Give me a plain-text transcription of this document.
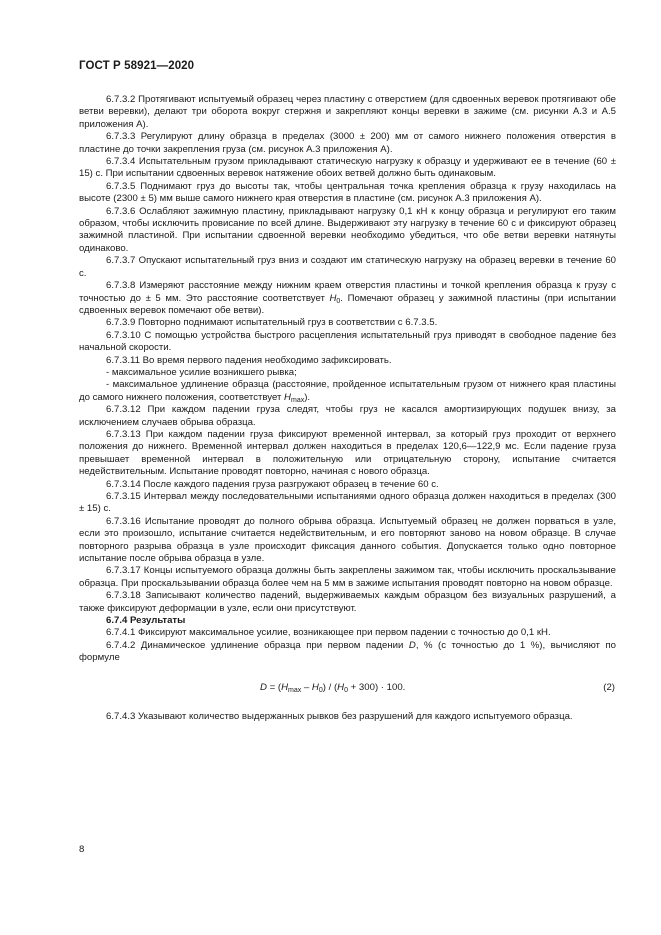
ГОСТ Р 58921—2020

6.7.3.2 Протягивают испытуемый образец через пластину с отверстием (для сдвоенных веревок протягивают обе ветви веревки), делают три оборота вокруг стержня и закрепляют концы веревки в зажиме (см. рисунки А.3 и А.5 приложения А).

6.7.3.3 Регулируют длину образца в пределах (3000 ± 200) мм от самого нижнего положения отверстия в пластине до точки закрепления груза (см. рисунок А.3 приложения А).

6.7.3.4 Испытательным грузом прикладывают статическую нагрузку к образцу и удерживают ее в течение (60 ± 15) с. При испытании сдвоенных веревок натяжение обоих ветвей должно быть одинаковым.

6.7.3.5 Поднимают груз до высоты так, чтобы центральная точка крепления образца к грузу находилась на высоте (2300 ± 5) мм выше самого нижнего края отверстия в пластине (см. рисунок А.3 приложения А).

6.7.3.6 Ослабляют зажимную пластину, прикладывают нагрузку 0,1 кН к концу образца и регулируют его таким образом, чтобы исключить провисание по всей длине. Выдерживают эту нагрузку в течение 60 с и фиксируют образец зажимной пластиной. При испытании сдвоенной веревки необходимо убедиться, что обе ветви веревки натянуты одинаково.

6.7.3.7 Опускают испытательный груз вниз и создают им статическую нагрузку на образец веревки в течение 60 с.

6.7.3.8 Измеряют расстояние между нижним краем отверстия пластины и точкой крепления образца к грузу с точностью до ± 5 мм. Это расстояние соответствует $H_0$. Помечают образец у зажимной пластины (при испытании сдвоенных веревок помечают обе ветви).

6.7.3.9 Повторно поднимают испытательный груз в соответствии с 6.7.3.5.

6.7.3.10 С помощью устройства быстрого расцепления испытательный груз приводят в свободное падение без начальной скорости.

6.7.3.11 Во время первого падения необходимо зафиксировать.

- максимальное усилие возникшего рывка;

- максимальное удлинение образца (расстояние, пройденное испытательным грузом от нижнего края пластины до самого нижнего положения, соответствует $H_{max}$).

6.7.3.12 При каждом падении груза следят, чтобы груз не касался амортизирующих подушек внизу, за исключением случаев обрыва образца.

6.7.3.13 При каждом падении груза фиксируют временной интервал, за который груз проходит от верхнего положения до нижнего. Временной интервал должен находиться в пределах 120,6—122,9 мс. Если падение груза превышает временной интервал в положительную или отрицательную сторону, испытание считается недействительным. Испытание проводят повторно, начиная с нового образца.

6.7.3.14 После каждого падения груза разгружают образец в течение 60 с.

6.7.3.15 Интервал между последовательными испытаниями одного образца должен находиться в пределах (300 ± 15) с.

6.7.3.16 Испытание проводят до полного обрыва образца. Испытуемый образец не должен порваться в узле, если это произошло, испытание считается недействительным, и его повторяют заново на новом образце. В случае повторного разрыва образца в узле происходит фиксация данного события. Допускается только одно повторное испытание после обрыва образца в узле.

6.7.3.17 Концы испытуемого образца должны быть закреплены зажимом так, чтобы исключить проскальзывание образца. При проскальзывании образца более чем на 5 мм в зажиме испытания проводят повторно на новом образце.

6.7.3.18 Записывают количество падений, выдерживаемых каждым образцом без визуальных разрушений, а также фиксируют деформации в узле, если они присутствуют.

6.7.4 Результаты

6.7.4.1 Фиксируют максимальное усилие, возникающее при первом падении с точностью до 0,1 кН.

6.7.4.2 Динамическое удлинение образца при первом падении D, % (с точностью до 1 %), вычисляют по формуле

$D = (H_{max} - H_0) / (H_0 + 300) \cdot 100$.	(2)

6.7.4.3 Указывают количество выдержанных рывков без разрушений для каждого испытуемого образца.

8
